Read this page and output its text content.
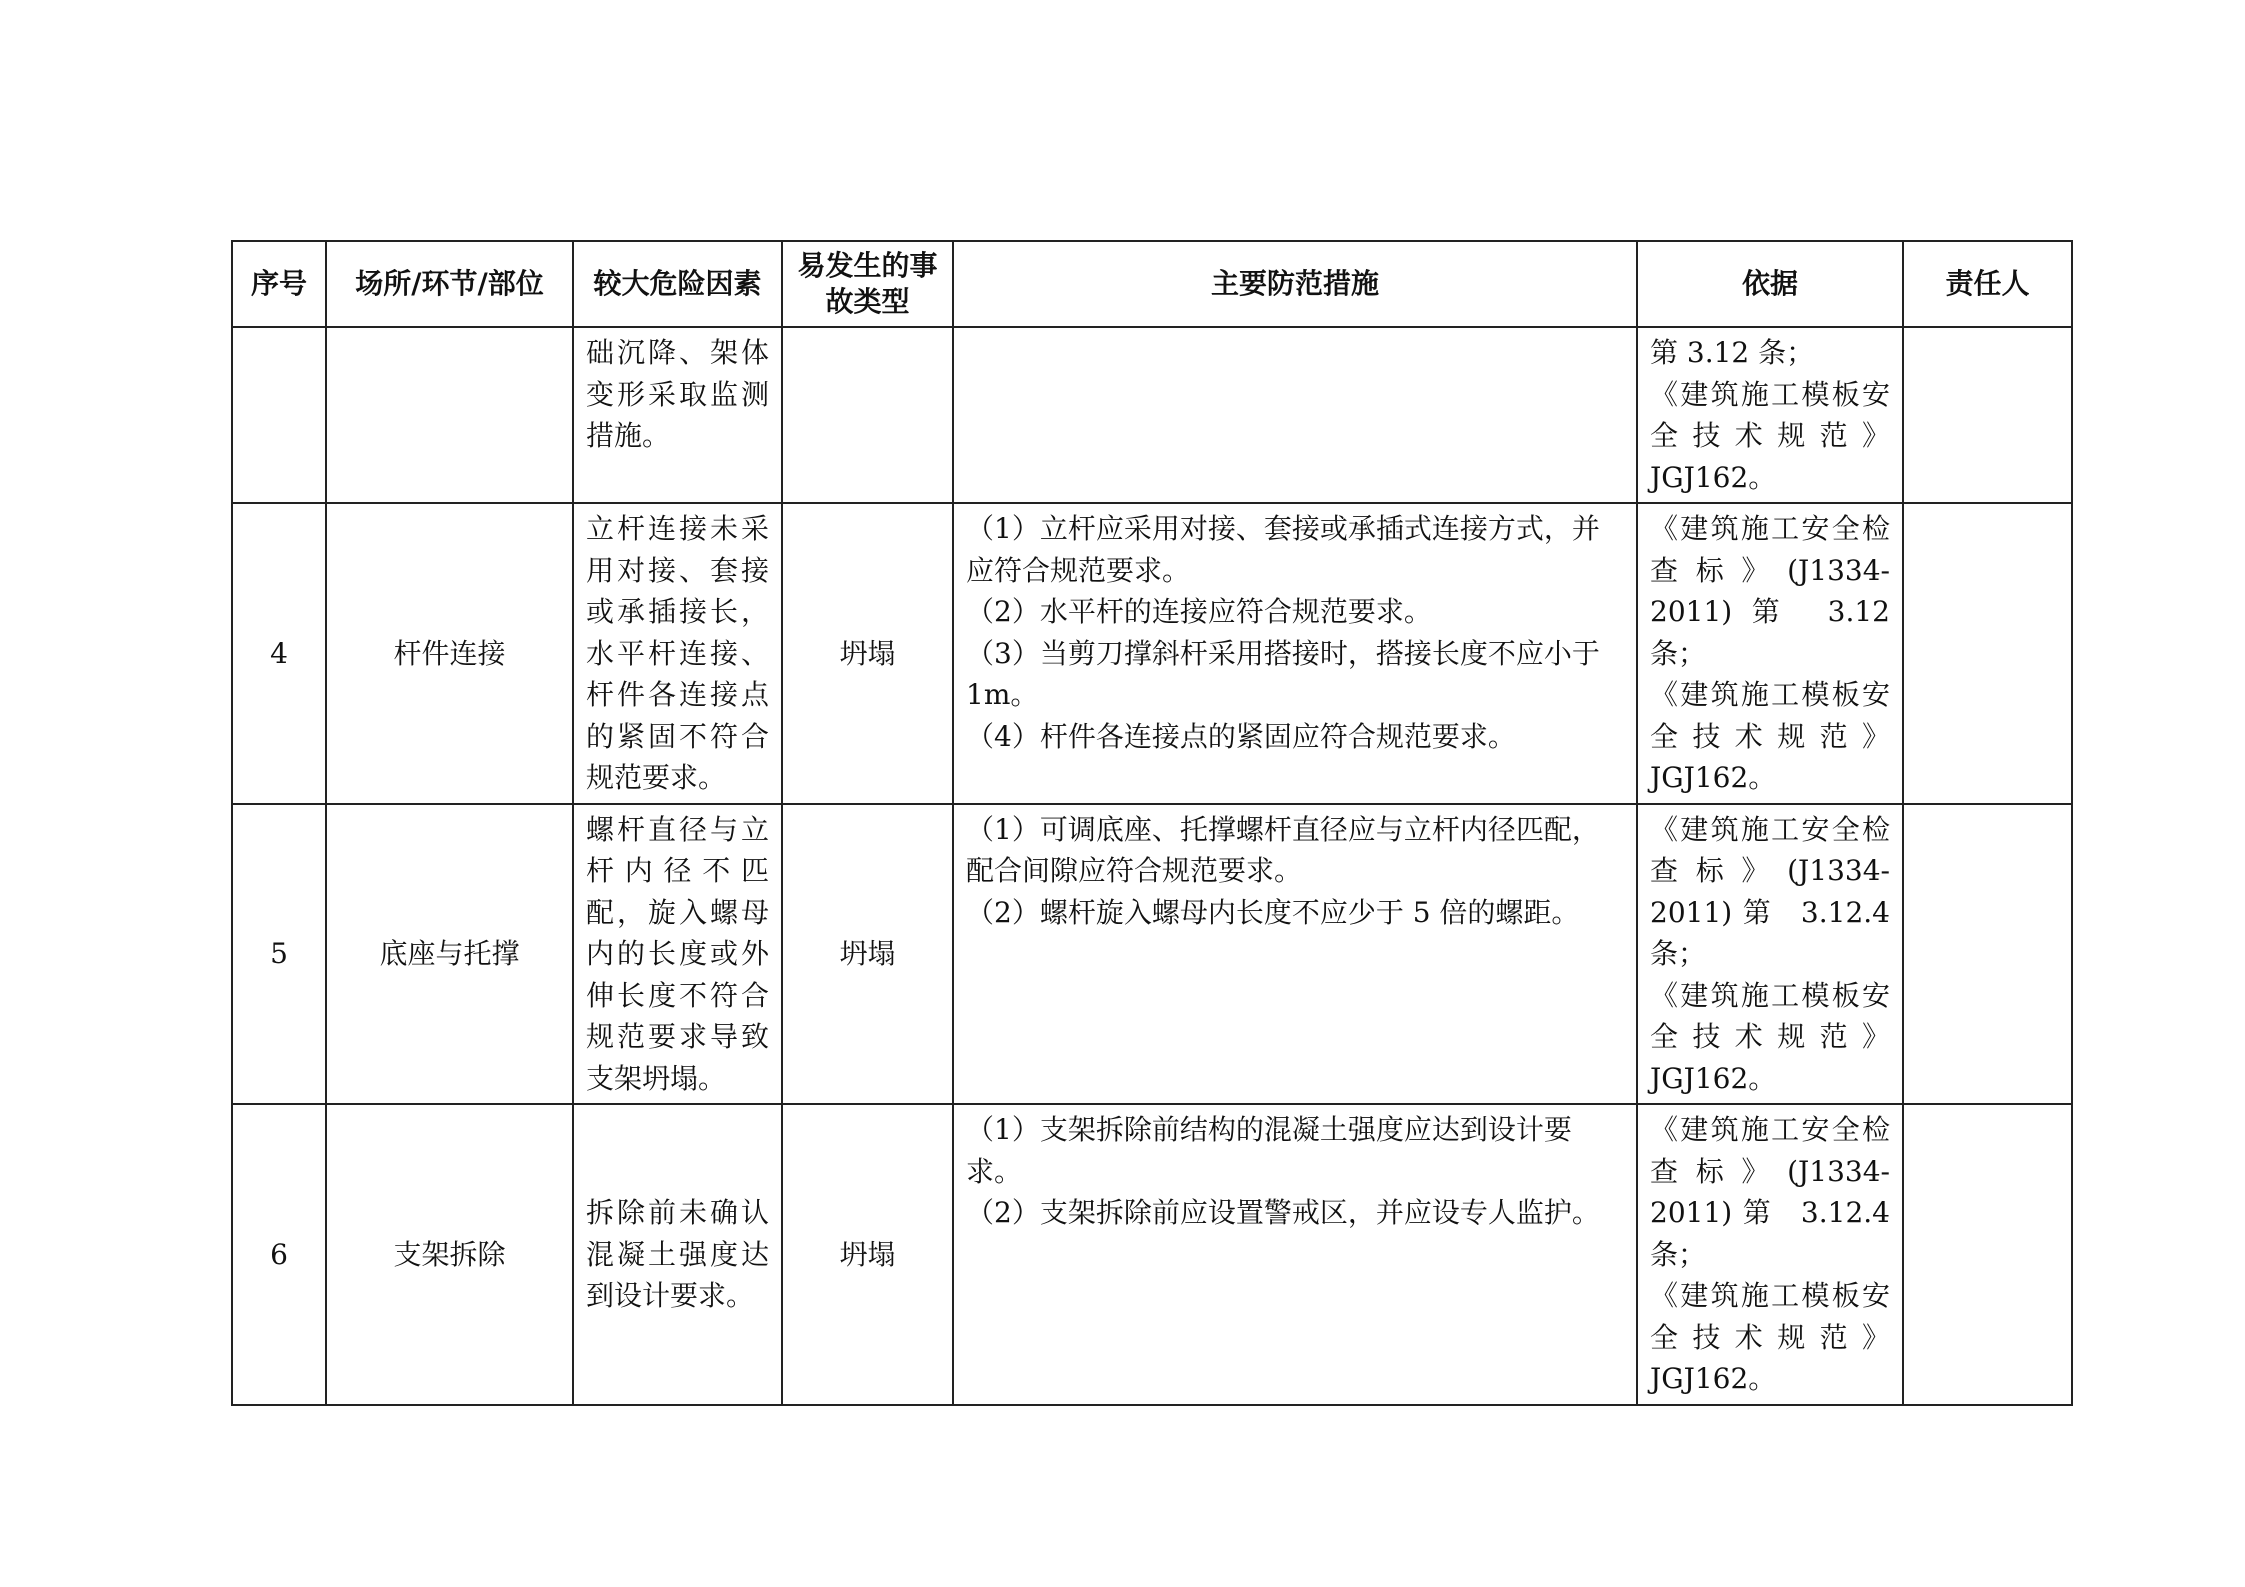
序号	场所/环节/部位	较大危险因素	易发生的事故类型	主要防范措施	依据	责任人
		础沉降、架体变形采取监测措施。			第 3.12 条；
《建筑施工模板安全技术规范》JGJ162。	

4	杆件连接	立杆连接未采用对接、套接或承插接长，水平杆连接、杆件各连接点的紧固不符合规范要求。	坍塌	（1）立杆应采用对接、套接或承插式连接方式，并应符合规范要求。
（2）水平杆的连接应符合规范要求。
（3）当剪刀撑斜杆采用搭接时，搭接长度不应小于 1m。
（4）杆件各连接点的紧固应符合规范要求。	《建筑施工安全检查标》(J1334-2011)第 3.12 条；
《建筑施工模板安全技术规范》JGJ162。	

5	底座与托撑	螺杆直径与立杆内径不匹配，旋入螺母内的长度或外伸长度不符合规范要求导致支架坍塌。	坍塌	（1）可调底座、托撑螺杆直径应与立杆内径匹配，配合间隙应符合规范要求。
（2）螺杆旋入螺母内长度不应少于 5 倍的螺距。	《建筑施工安全检查标》(J1334-2011)第 3.12.4 条；
《建筑施工模板安全技术规范》JGJ162。	

6	支架拆除	拆除前未确认混凝土强度达到设计要求。	坍塌	（1）支架拆除前结构的混凝土强度应达到设计要求。
（2）支架拆除前应设置警戒区，并应设专人监护。	《建筑施工安全检查标》(J1334-2011)第 3.12.4 条；
《建筑施工模板安全技术规范》JGJ162。	
